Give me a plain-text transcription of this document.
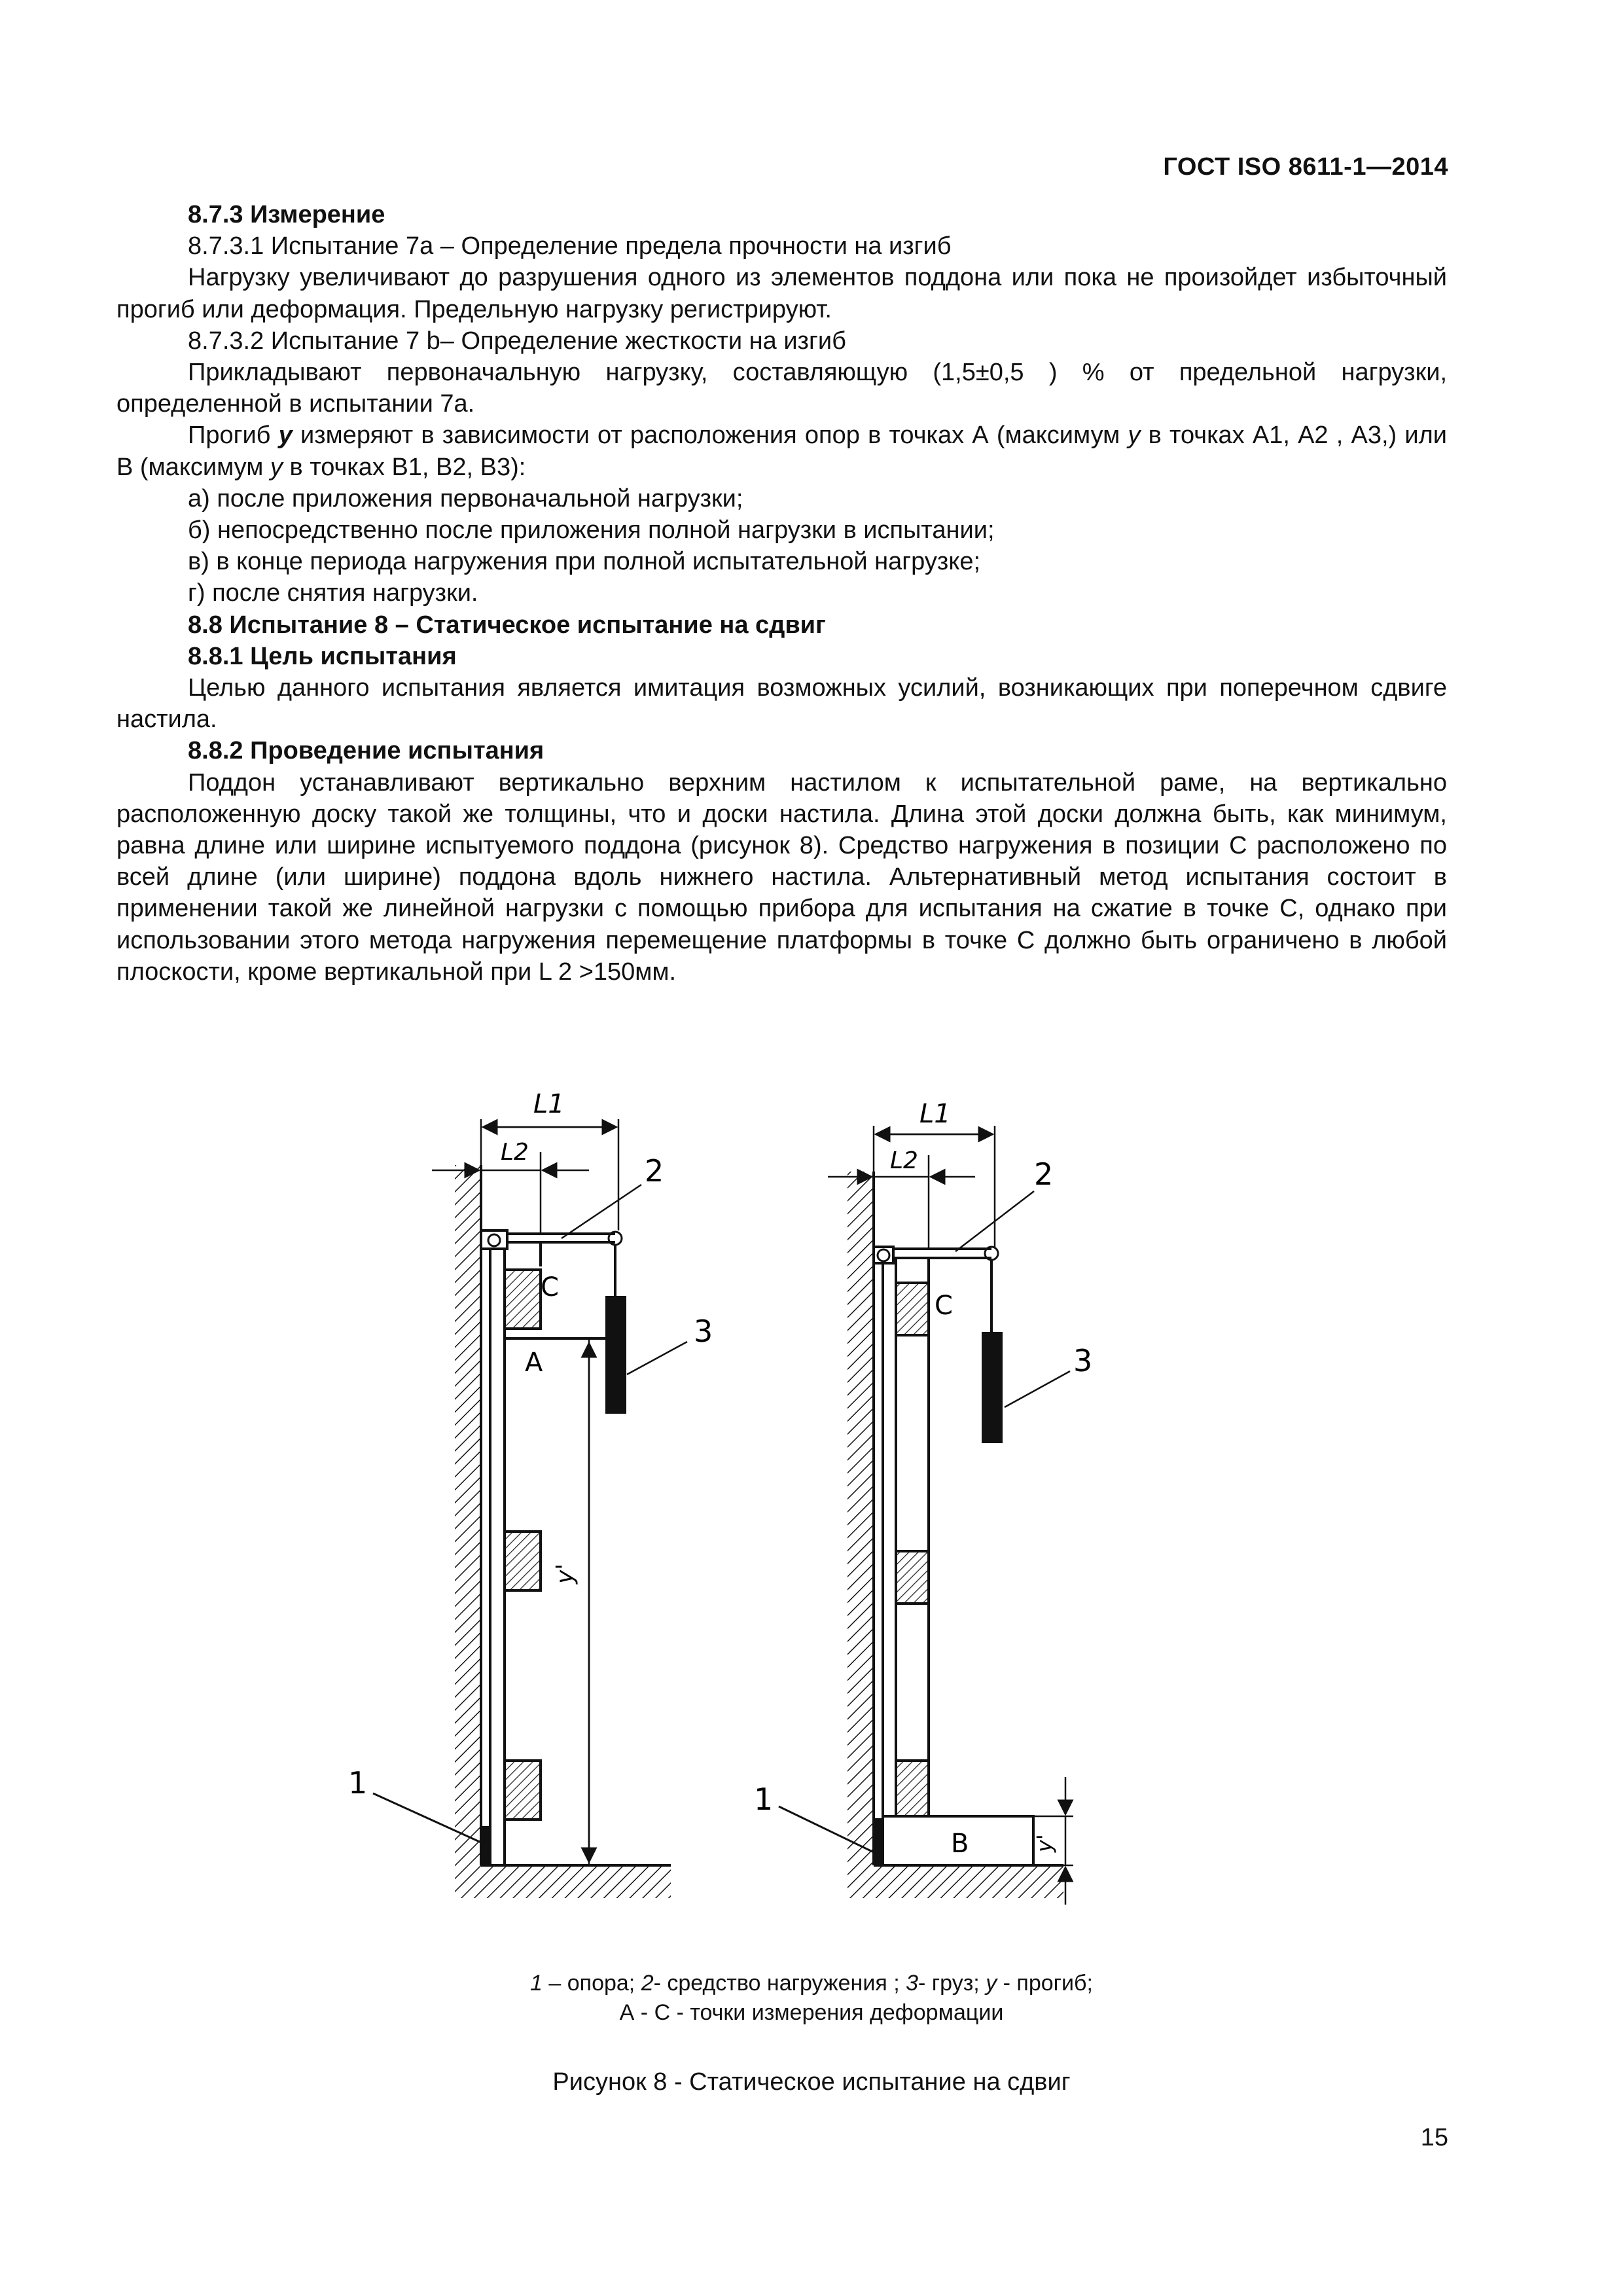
ГОСТ ISO 8611-1—2014

8.7.3 Измерение

8.7.3.1 Испытание 7а – Определение предела прочности на изгиб

Нагрузку увеличивают до разрушения одного из элементов поддона или пока не произойдет избыточный прогиб или деформация. Предельную нагрузку регистрируют.

8.7.3.2 Испытание 7 b– Определение жесткости на изгиб

Прикладывают первоначальную нагрузку, составляющую (1,5±0,5 ) % от предельной нагрузки, определенной в испытании 7а.

Прогиб y измеряют в зависимости от расположения опор в точках А (максимум y в точках А1, А2 , А3,) или В (максимум y в точках В1, В2, В3):

а) после приложения первоначальной нагрузки;

б) непосредственно после приложения полной нагрузки в испытании;

в) в конце периода нагружения при полной испытательной нагрузке;

г) после снятия нагрузки.

8.8 Испытание 8 – Статическое испытание на сдвиг

8.8.1 Цель испытания

Целью данного испытания является имитация возможных усилий, возникающих при поперечном сдвиге настила.

8.8.2 Проведение испытания

Поддон устанавливают вертикально верхним настилом к испытательной раме, на вертикально расположенную доску такой же толщины, что и доски настила. Длина этой доски должна быть, как минимум, равна длине или ширине испытуемого поддона (рисунок 8). Средство нагружения в позиции С расположено по всей длине (или ширине) поддона вдоль нижнего настила. Альтернативный метод испытания состоит в применении такой же линейной нагрузки с помощью прибора для испытания на сжатие в точке С, однако при использовании этого метода нагружения перемещение платформы в точке С должно быть ограничено в любой плоскости, кроме вертикальной при L 2 >150мм.

L1
L2
2
3
C
A
y'
1
L1
L2	2
3
C
B	y'
1
1 – опора; 2- средство нагружения ; 3- груз; y - прогиб;
А - С - точки измерения деформации
Рисунок 8 - Статическое испытание на сдвиг
15
